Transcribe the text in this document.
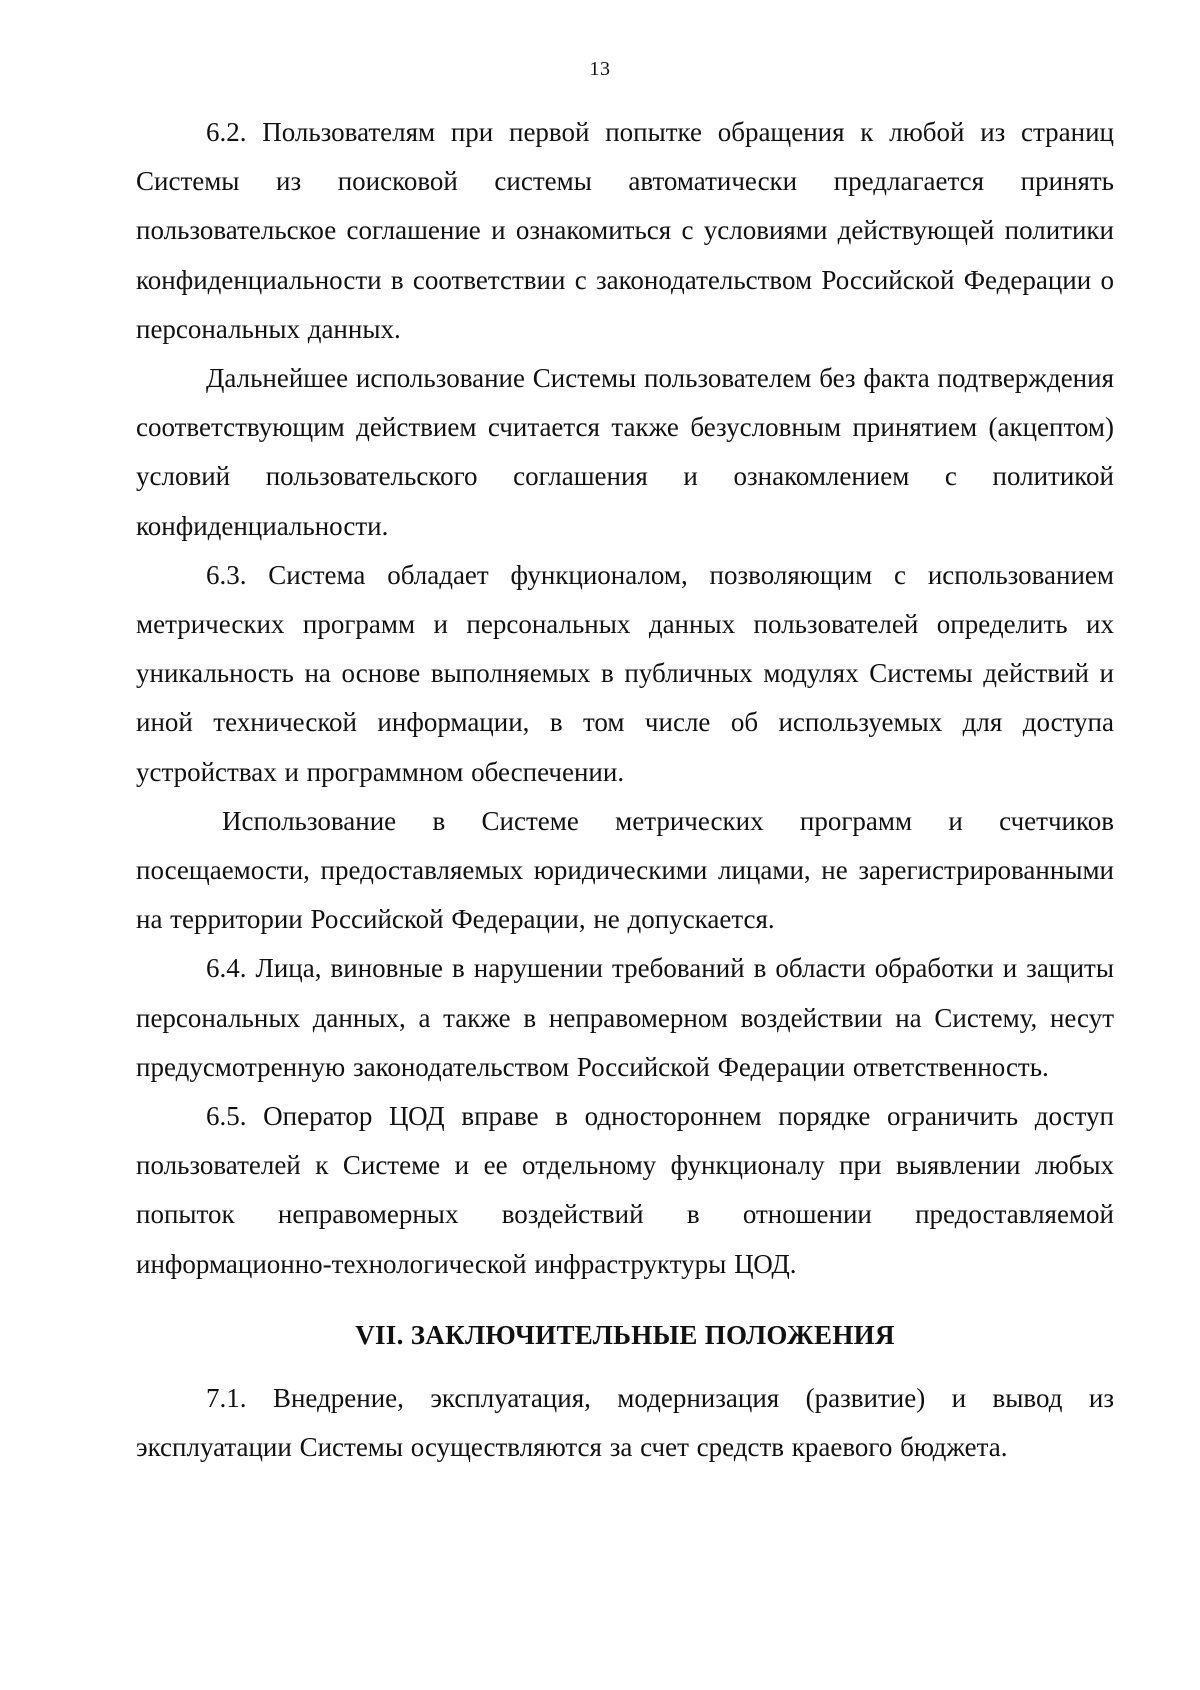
13

6.2. Пользователям при первой попытке обращения к любой из страниц Системы из поисковой системы автоматически предлагается принять пользовательское соглашение и ознакомиться с условиями действующей политики конфиденциальности в соответствии с законодательством Российской Федерации о персональных данных.

Дальнейшее использование Системы пользователем без факта подтверждения соответствующим действием считается также безусловным принятием (акцептом) условий пользовательского соглашения и ознакомлением с политикой конфиденциальности.

6.3. Система обладает функционалом, позволяющим с использованием метрических программ и персональных данных пользователей определить их уникальность на основе выполняемых в публичных модулях Системы действий и иной технической информации, в том числе об используемых для доступа устройствах и программном обеспечении.

Использование в Системе метрических программ и счетчиков посещаемости, предоставляемых юридическими лицами, не зарегистрированными на территории Российской Федерации, не допускается.

6.4. Лица, виновные в нарушении требований в области обработки и защиты персональных данных, а также в неправомерном воздействии на Систему, несут предусмотренную законодательством Российской Федерации ответственность.

6.5. Оператор ЦОД вправе в одностороннем порядке ограничить доступ пользователей к Системе и ее отдельному функционалу при выявлении любых попыток неправомерных воздействий в отношении предоставляемой информационно-технологической инфраструктуры ЦОД.

VII. ЗАКЛЮЧИТЕЛЬНЫЕ ПОЛОЖЕНИЯ

7.1. Внедрение, эксплуатация, модернизация (развитие) и вывод из эксплуатации Системы осуществляются за счет средств краевого бюджета.
